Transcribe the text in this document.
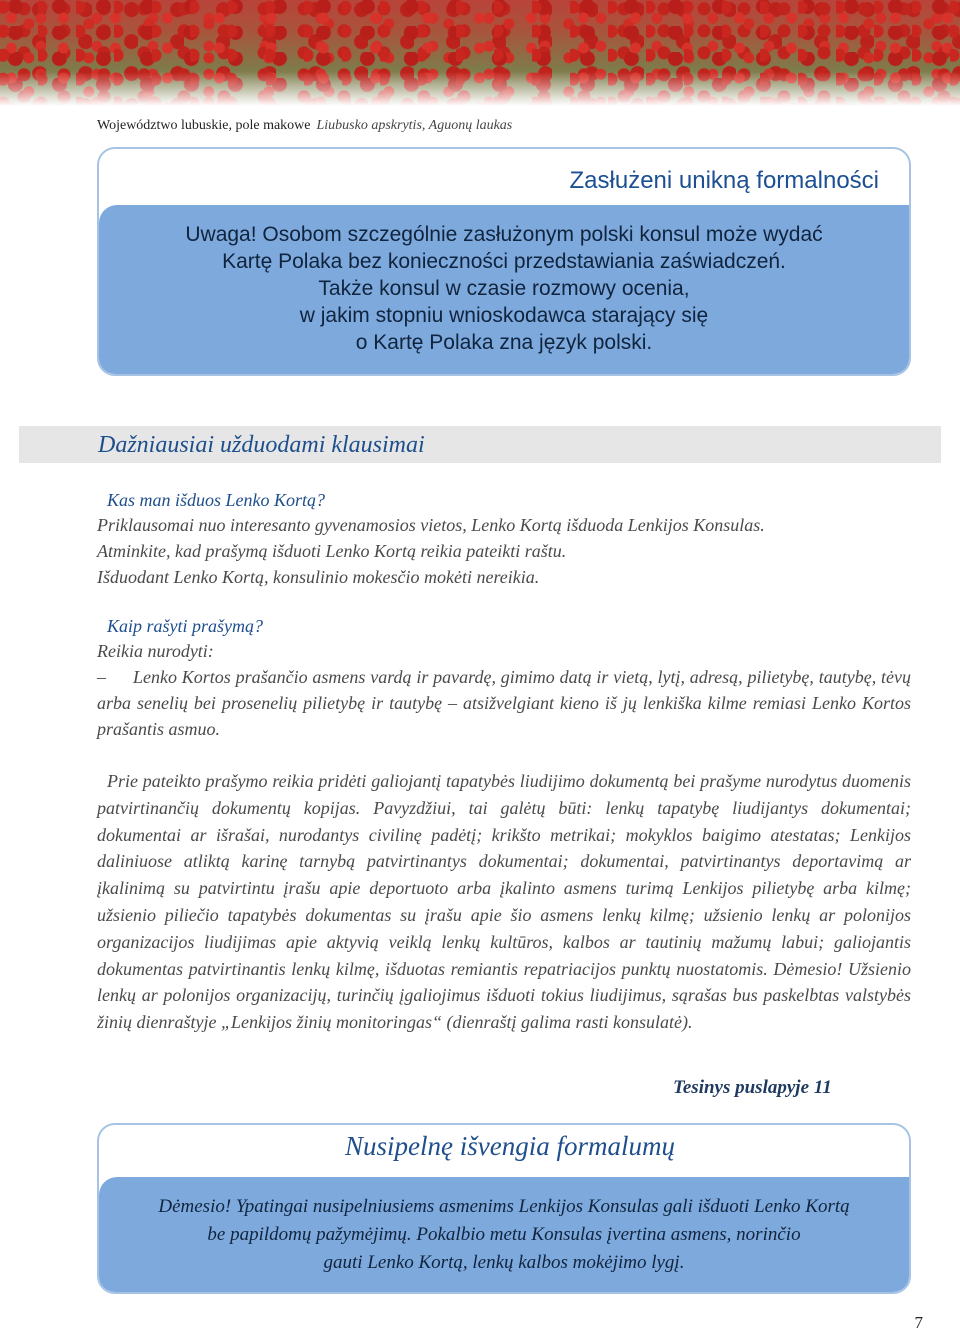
Województwo lubuskie, pole makowe Liubusko apskrytis, Aguonų laukas
Zasłużeni unikną formalności

Uwaga! Osobom szczególnie zasłużonym polski konsul może wydać
Kartę Polaka bez konieczności przedstawiania zaświadczeń.
Także konsul w czasie rozmowy ocenia,
w jakim stopniu wnioskodawca starający się
o Kartę Polaka zna język polski.

Dažniausiai užduodami klausimai
Kas man išduos Lenko Kortą?
Priklausomai nuo interesanto gyvenamosios vietos, Lenko Kortą išduoda Lenkijos Konsulas.
Atminkite, kad prašymą išduoti Lenko Kortą reikia pateikti raštu.
Išduodant Lenko Kortą, konsulinio mokesčio mokėti nereikia.
Kaip rašyti prašymą?
Reikia nurodyti:
–  Lenko Kortos prašančio asmens vardą ir pavardę, gimimo datą ir vietą, lytį, adresą, pilietybę, tautybę, tėvų arba senelių bei prosenelių pilietybę ir tautybę – atsižvelgiant kieno iš jų lenkiška kilme remiasi Lenko Kortos prašantis asmuo.
Prie pateikto prašymo reikia pridėti galiojantį tapatybės liudijimo dokumentą bei prašyme nurodytus duomenis patvirtinančių dokumentų kopijas. Pavyzdžiui, tai galėtų būti: lenkų tapatybę liudijantys dokumentai; dokumentai ar išrašai, nurodantys civilinę padėtį; krikšto metrikai; mokyklos baigimo atestatas; Lenkijos daliniuose atliktą karinę tarnybą patvirtinantys dokumentai; dokumentai, patvirtinantys deportavimą ar įkalinimą su patvirtintu įrašu apie deportuoto arba įkalinto asmens turimą Lenkijos pilietybę arba kilmę; užsienio piliečio tapatybės dokumentas su įrašu apie šio asmens lenkų kilmę; užsienio lenkų ar polonijos organizacijos liudijimas apie aktyvią veiklą lenkų kultūros, kalbos ar tautinių mažumų labui; galiojantis dokumentas patvirtinantis lenkų kilmę, išduotas remiantis repatriacijos punktų nuostatomis. Dėmesio! Užsienio lenkų ar polonijos organizacijų, turinčių įgaliojimus išduoti tokius liudijimus, sąrašas bus paskelbtas valstybės žinių dienraštyje „Lenkijos žinių monitoringas“ (dienraštį galima rasti konsulatė).
Tesinys puslapyje 11
Nusipelnę išvengia formalumų

Dėmesio! Ypatingai nusipelniusiems asmenims Lenkijos Konsulas gali išduoti Lenko Kortą
be papildomų pažymėjimų. Pokalbio metu Konsulas įvertina asmens, norinčio
gauti Lenko Kortą, lenkų kalbos mokėjimo lygį.

7
